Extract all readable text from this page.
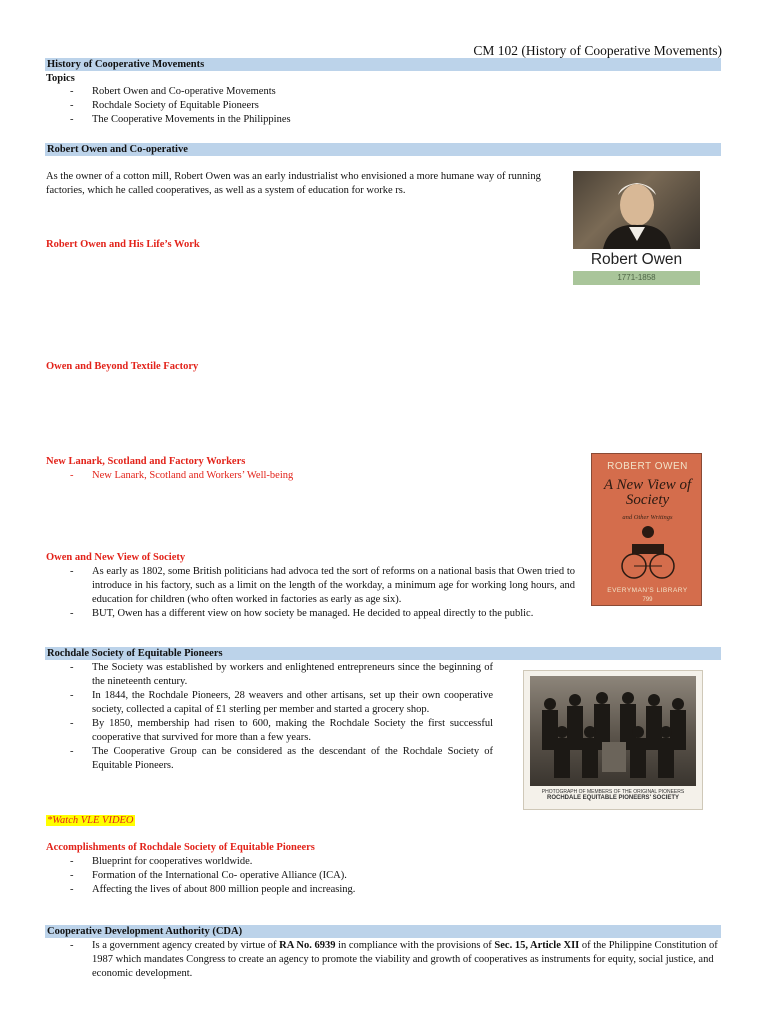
CM 102 (History of Cooperative Movements)
History of Cooperative Movements
Topics
- Robert Owen and Co-operative Movements
- Rochdale Society of Equitable Pioneers
- The Cooperative Movements in the Philippines
Robert Owen and Co-operative
As the owner of a cotton mill, Robert Owen was an early industrialist who envisioned a more humane way of running factories, which he called cooperatives, as well as a system of education for worke rs.
Robert Owen
1771-1858
Robert Owen and His Life’s Work
Owen and Beyond Textile Factory
New Lanark, Scotland and Factory Workers
- New Lanark, Scotland and Workers’ Well-being
ROBERT OWEN
A New View of Society
and Other Writings
EVERYMAN'S LIBRARY
799
Owen and New View of Society
- As early as 1802, some British politicians had advoca ted the sort of reforms on a national basis that Owen tried to introduce in his factory, such as a limit on the length of the workday, a minimum age for working long hours, and education for children (who often worked in factories as early as age six).
- BUT, Owen has a different view on how society be managed. He decided to appeal directly to the public.
Rochdale Society of Equitable Pioneers
- The Society was established by workers and enlightened entrepreneurs since the beginning of the nineteenth century.
- In 1844, the Rochdale Pioneers, 28 weavers and other artisans, set up their own cooperative society, collected a capital of £1 sterling per member and started a grocery shop.
- By 1850, membership had risen to 600, making the Rochdale Society the first successful cooperative that survived for more than a few years.
- The Cooperative Group can be considered as the descendant of the Rochdale Society of Equitable Pioneers.
PHOTOGRAPH OF MEMBERS OF THE ORIGINAL PIONEERS
ROCHDALE EQUITABLE PIONEERS' SOCIETY
*Watch VLE VIDEO
Accomplishments of Rochdale Society of Equitable Pioneers
- Blueprint for cooperatives worldwide.
- Formation of the International Co- operative Alliance (ICA).
- Affecting the lives of about 800 million people and increasing.
Cooperative Development Authority (CDA)
- Is a government agency created by virtue of RA No. 6939 in compliance with the provisions of Sec. 15, Article XII of the Philippine Constitution of 1987 which mandates Congress to create an agency to promote the viability and growth of cooperatives as instruments for equity, social justice, and economic development.
